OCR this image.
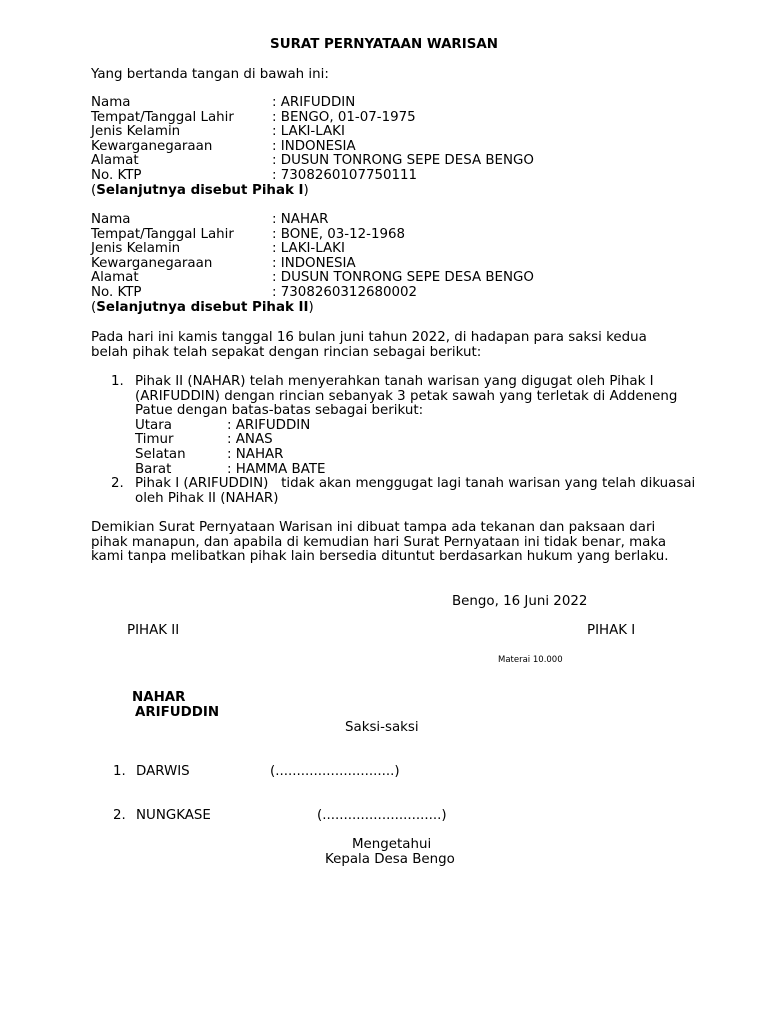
SURAT PERNYATAAN WARISAN
Yang bertanda tangan di bawah ini:
Nama	: ARIFUDDIN
Tempat/Tanggal Lahir	: BENGO, 01-07-1975
Jenis Kelamin	: LAKI-LAKI
Kewarganegaraan	: INDONESIA
Alamat	: DUSUN TONRONG SEPE DESA BENGO
No. KTP	: 7308260107750111
(Selanjutnya disebut Pihak I)
Nama	: NAHAR
Tempat/Tanggal Lahir	: BONE, 03-12-1968
Jenis Kelamin	: LAKI-LAKI
Kewarganegaraan	: INDONESIA
Alamat	: DUSUN TONRONG SEPE DESA BENGO
No. KTP	: 7308260312680002
(Selanjutnya disebut Pihak II)
Pada hari ini kamis tanggal 16 bulan juni tahun 2022, di hadapan para saksi kedua belah pihak telah sepakat dengan rincian sebagai berikut:
1. Pihak II (NAHAR) telah menyerahkan tanah warisan yang digugat oleh Pihak I (ARIFUDDIN) dengan rincian sebanyak 3 petak sawah yang terletak di Addeneng Patue dengan batas-batas sebagai berikut:
Utara	: ARIFUDDIN
Timur	: ANAS
Selatan	: NAHAR
Barat	: HAMMA BATE
2. Pihak I (ARIFUDDIN)   tidak akan menggugat lagi tanah warisan yang telah dikuasai oleh Pihak II (NAHAR)
Demikian Surat Pernyataan Warisan ini dibuat tampa ada tekanan dan paksaan dari pihak manapun, dan apabila di kemudian hari Surat Pernyataan ini tidak benar, maka kami tanpa melibatkan pihak lain bersedia dituntut berdasarkan hukum yang berlaku.
Bengo, 16 Juni 2022
PIHAK II	PIHAK I
Materai 10.000
NAHAR
ARIFUDDIN
Saksi-saksi
1. DARWIS	(............................)
2. NUNGKASE	(............................)
Mengetahui
Kepala Desa Bengo
